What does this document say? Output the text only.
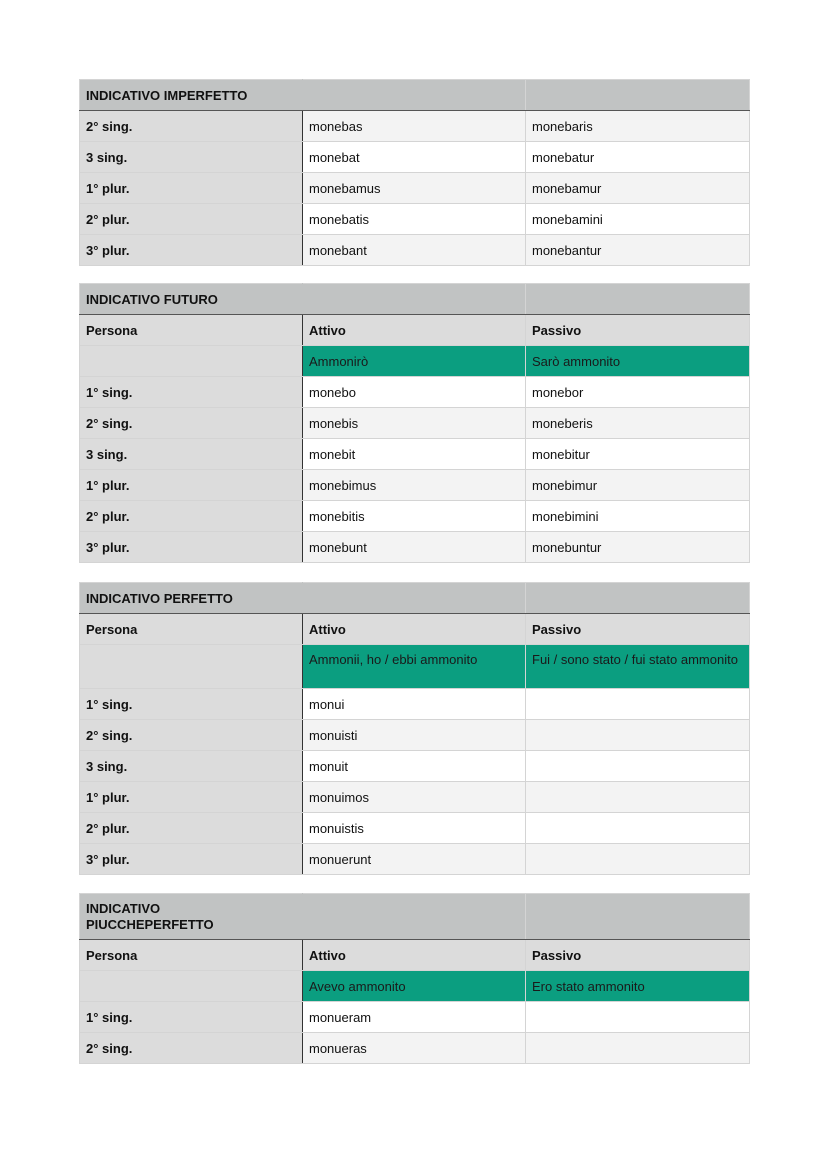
INDICATIVO IMPERFETTO		
2° sing.	monebas	monebaris
3 sing.	monebat	monebatur
1° plur.	monebamus	monebamur
2° plur.	monebatis	monebamini
3° plur.	monebant	monebantur
INDICATIVO FUTURO		
Persona	Attivo	Passivo
	Ammonirò	Sarò ammonito
1° sing.	monebo	monebor
2° sing.	monebis	moneberis
3 sing.	monebit	monebitur
1° plur.	monebimus	monebimur
2° plur.	monebitis	monebimini
3° plur.	monebunt	monebuntur
INDICATIVO PERFETTO		
Persona	Attivo	Passivo
	Ammonii, ho / ebbi ammonito	Fui / sono stato / fui stato ammonito
1° sing.	monui	
2° sing.	monuisti	
3 sing.	monuit	
1° plur.	monuimos	
2° plur.	monuistis	
3° plur.	monuerunt	
INDICATIVO PIUCCHEPERFETTO		
Persona	Attivo	Passivo
	Avevo ammonito	Ero stato ammonito
1° sing.	monueram	
2° sing.	monueras	
